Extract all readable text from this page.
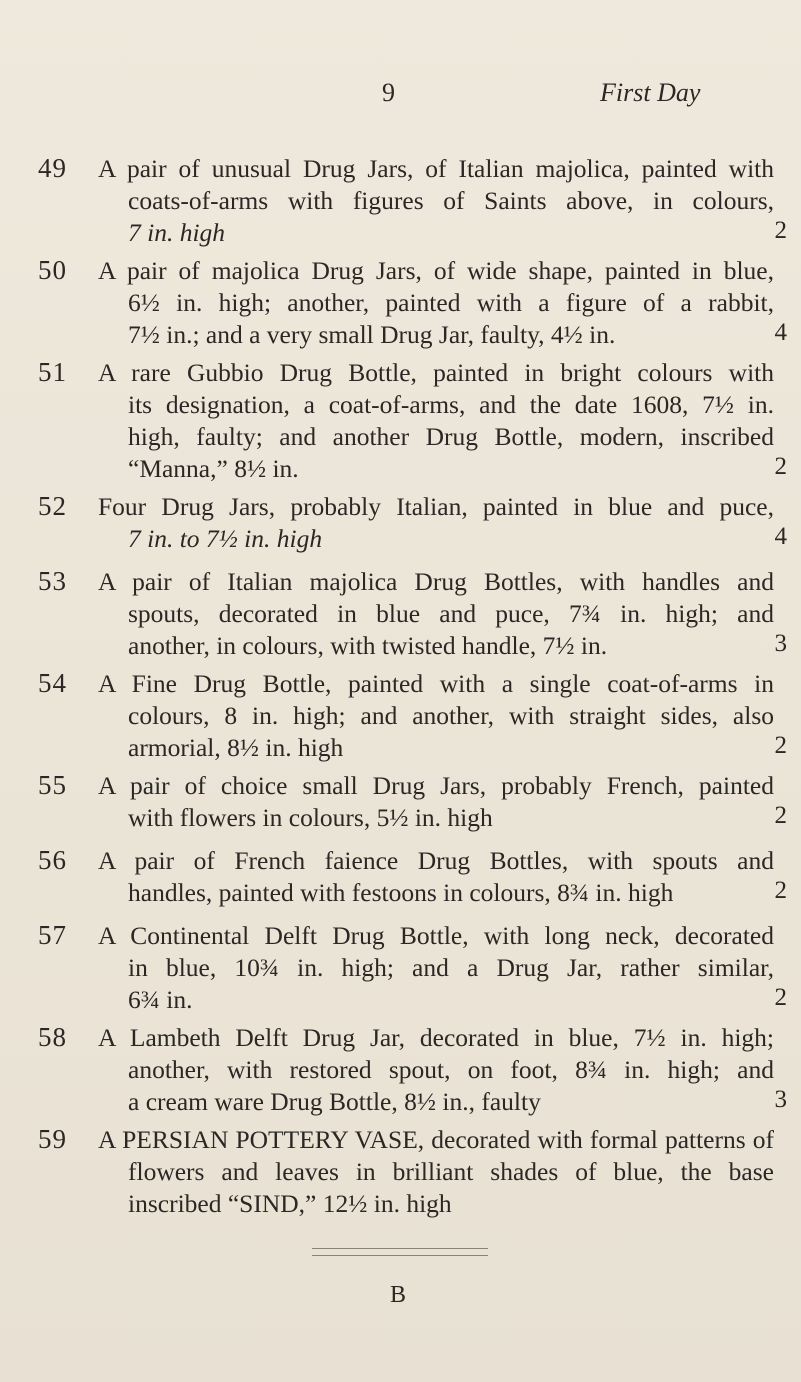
9	First Day
49 A pair of unusual Drug Jars, of Italian majolica, painted with
coats-of-arms with figures of Saints above, in colours,
7 in. high	2
50 A pair of majolica Drug Jars, of wide shape, painted in blue,
6½ in. high; another, painted with a figure of a rabbit,
7½ in.; and a very small Drug Jar, faulty, 4½ in.	4
51 A rare Gubbio Drug Bottle, painted in bright colours with
its designation, a coat-of-arms, and the date 1608, 7½ in.
high, faulty; and another Drug Bottle, modern, inscribed
“Manna,” 8½ in.	2
52 Four Drug Jars, probably Italian, painted in blue and puce,
7 in. to 7½ in. high	4
53 A pair of Italian majolica Drug Bottles, with handles and
spouts, decorated in blue and puce, 7¾ in. high; and
another, in colours, with twisted handle, 7½ in.	3
54 A Fine Drug Bottle, painted with a single coat-of-arms in
colours, 8 in. high; and another, with straight sides, also
armorial, 8½ in. high	2
55 A pair of choice small Drug Jars, probably French, painted
with flowers in colours, 5½ in. high	2
56 A pair of French faience Drug Bottles, with spouts and
handles, painted with festoons in colours, 8¾ in. high	2
57 A Continental Delft Drug Bottle, with long neck, decorated
in blue, 10¾ in. high; and a Drug Jar, rather similar,
6¾ in.	2
58 A Lambeth Delft Drug Jar, decorated in blue, 7½ in. high;
another, with restored spout, on foot, 8¾ in. high; and
a cream ware Drug Bottle, 8½ in., faulty	3
59 A PERSIAN POTTERY VASE, decorated with formal patterns of
flowers and leaves in brilliant shades of blue, the base
inscribed “SIND,” 12½ in. high
B
